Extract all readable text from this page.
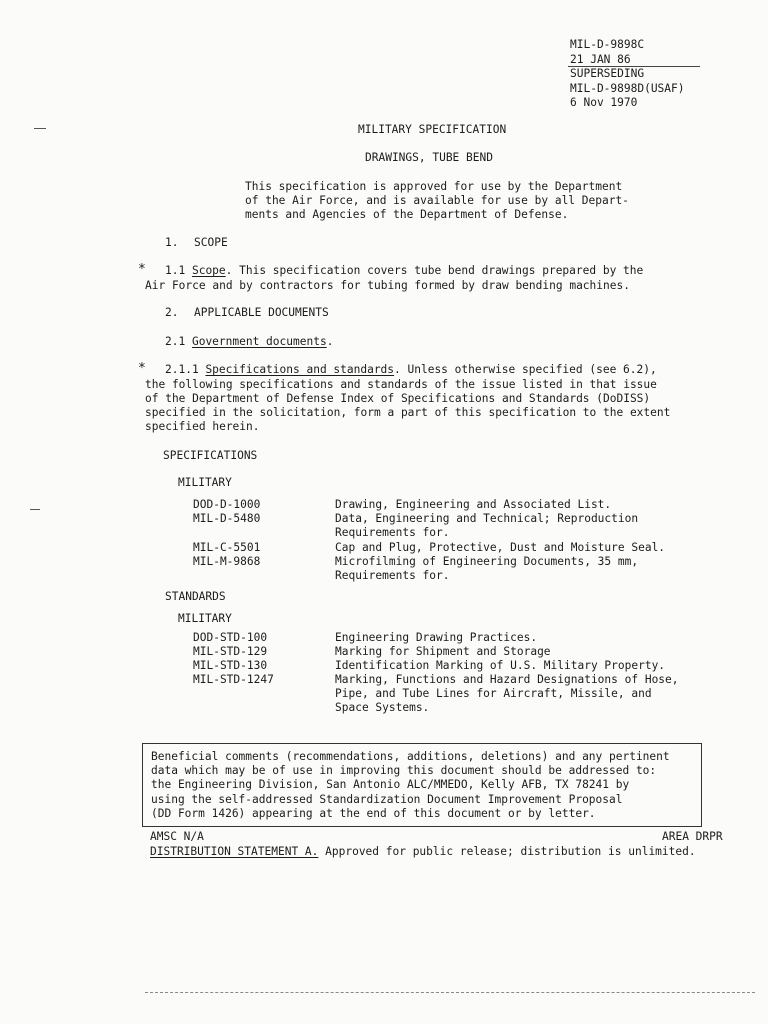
MIL-D-9898C
21 JAN 86
SUPERSEDING
MIL-D-9898D(USAF)
6 Nov 1970
MILITARY SPECIFICATION
DRAWINGS, TUBE BEND
This specification is approved for use by the Department
of the Air Force, and is available for use by all Depart-
ments and Agencies of the Department of Defense.
1. SCOPE
* 1.1 Scope. This specification covers tube bend drawings prepared by the
Air Force and by contractors for tubing formed by draw bending machines.
2. APPLICABLE DOCUMENTS
2.1 Government documents.
* 2.1.1 Specifications and standards. Unless otherwise specified (see 6.2),
the following specifications and standards of the issue listed in that issue
of the Department of Defense Index of Specifications and Standards (DoDISS)
specified in the solicitation, form a part of this specification to the extent
specified herein.
SPECIFICATIONS
MILITARY
DOD-D-1000	Drawing, Engineering and Associated List.
MIL-D-5480	Data, Engineering and Technical; Reproduction
Requirements for.
MIL-C-5501	Cap and Plug, Protective, Dust and Moisture Seal.
MIL-M-9868	Microfilming of Engineering Documents, 35 mm,
Requirements for.
STANDARDS
MILITARY
DOD-STD-100	Engineering Drawing Practices.
MIL-STD-129	Marking for Shipment and Storage
MIL-STD-130	Identification Marking of U.S. Military Property.
MIL-STD-1247	Marking, Functions and Hazard Designations of Hose,
Pipe, and Tube Lines for Aircraft, Missile, and
Space Systems.
Beneficial comments (recommendations, additions, deletions) and any pertinent
data which may be of use in improving this document should be addressed to:
the Engineering Division, San Antonio ALC/MMEDO, Kelly AFB, TX 78241 by
using the self-addressed Standardization Document Improvement Proposal
(DD Form 1426) appearing at the end of this document or by letter.
AMSC N/A	AREA DRPR
DISTRIBUTION STATEMENT A. Approved for public release; distribution is unlimited.
